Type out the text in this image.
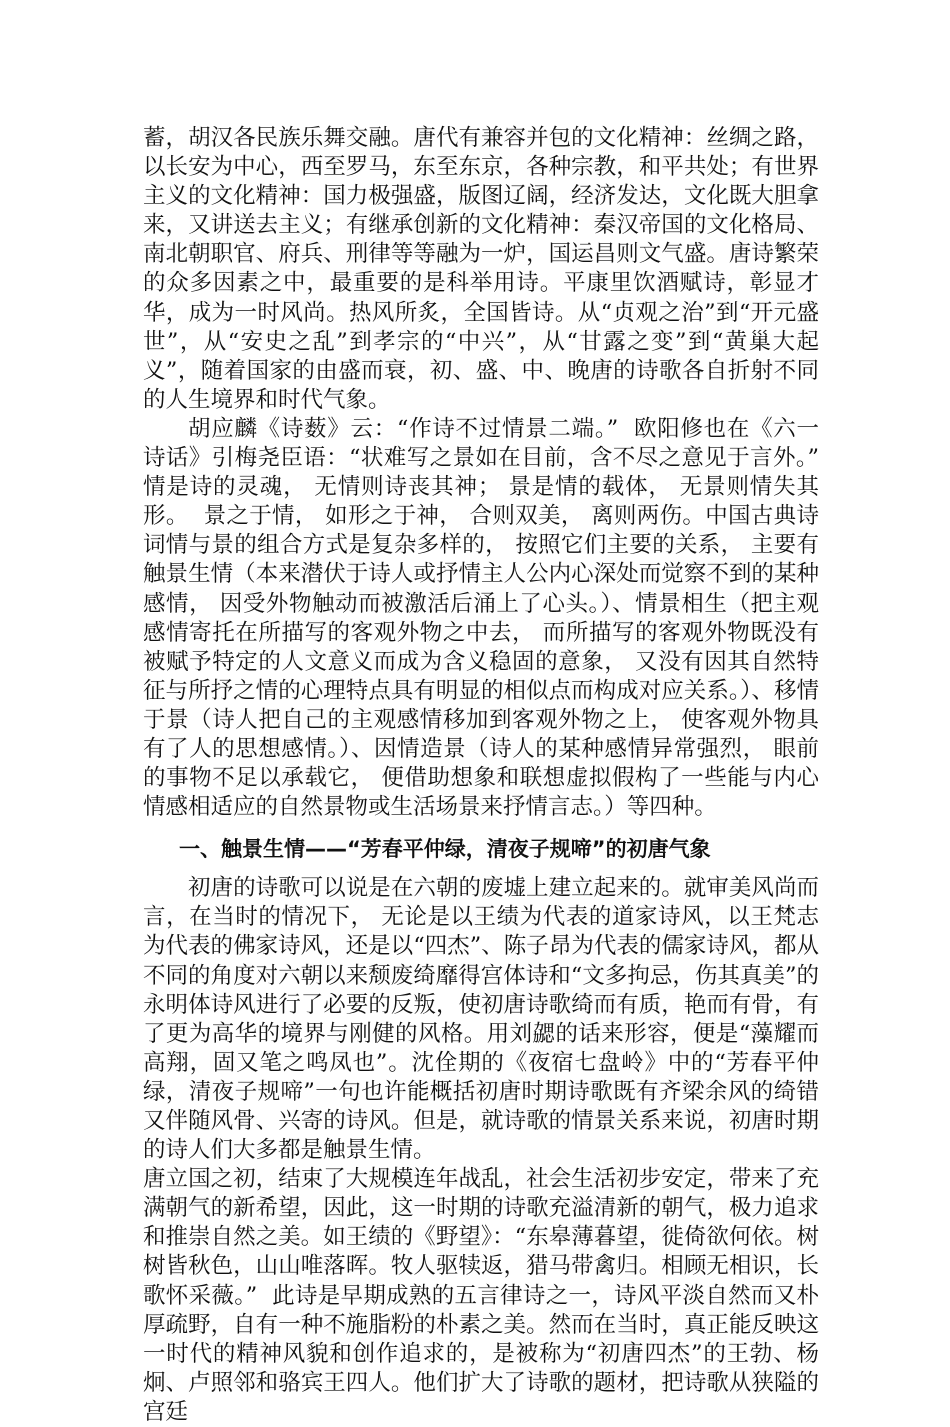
蓄，胡汉各民族乐舞交融。唐代有兼容并包的文化精神：丝绸之路，以长安为中心，西至罗马，东至东京，各种宗教，和平共处；有世界主义的文化精神：国力极强盛，版图辽阔，经济发达，文化既大胆拿来，又讲送去主义；有继承创新的文化精神：秦汉帝国的文化格局、南北朝职官、府兵、刑律等等融为一炉，国运昌则文气盛。唐诗繁荣的众多因素之中，最重要的是科举用诗。平康里饮酒赋诗，彰显才华，成为一时风尚。热风所炙，全国皆诗。从“贞观之治”到“开元盛世”，从“安史之乱”到孝宗的“中兴”，从“甘露之变”到“黄巢大起义”，随着国家的由盛而衰，初、盛、中、晚唐的诗歌各自折射不同的人生境界和时代气象。

胡应麟《诗薮》云：“作诗不过情景二端。”  欧阳修也在《六一诗话》引梅尧臣语：“状难写之景如在目前，含不尽之意见于言外。”  情是诗的灵魂， 无情则诗丧其神； 景是情的载体， 无景则情失其形。  景之于情， 如形之于神， 合则双美， 离则两伤。中国古典诗词情与景的组合方式是复杂多样的， 按照它们主要的关系， 主要有触景生情（本来潜伏于诗人或抒情主人公内心深处而觉察不到的某种感情， 因受外物触动而被激活后涌上了心头。）、情景相生（把主观感情寄托在所描写的客观外物之中去， 而所描写的客观外物既没有被赋予特定的人文意义而成为含义稳固的意象， 又没有因其自然特征与所抒之情的心理特点具有明显的相似点而构成对应关系。）、移情于景（诗人把自己的主观感情移加到客观外物之上， 使客观外物具有了人的思想感情。）、因情造景（诗人的某种感情异常强烈， 眼前的事物不足以承载它， 便借助想象和联想虚拟假构了一些能与内心情感相适应的自然景物或生活场景来抒情言志。）等四种。

一、触景生情——“芳春平仲绿，清夜子规啼”的初唐气象

初唐的诗歌可以说是在六朝的废墟上建立起来的。就审美风尚而言，在当时的情况下， 无论是以王绩为代表的道家诗风，以王梵志为代表的佛家诗风，还是以“四杰”、陈子昂为代表的儒家诗风，都从不同的角度对六朝以来颓废绮靡得宫体诗和“文多拘忌，伤其真美”的永明体诗风进行了必要的反叛，使初唐诗歌绮而有质，艳而有骨，有了更为高华的境界与刚健的风格。用刘勰的话来形容，便是“藻耀而高翔，固又笔之鸣凤也”。沈佺期的《夜宿七盘岭》中的“芳春平仲绿，清夜子规啼”一句也许能概括初唐时期诗歌既有齐梁余风的绮错又伴随风骨、兴寄的诗风。但是，就诗歌的情景关系来说，初唐时期的诗人们大多都是触景生情。

唐立国之初，结束了大规模连年战乱，社会生活初步安定，带来了充满朝气的新希望，因此，这一时期的诗歌充溢清新的朝气，极力追求和推崇自然之美。如王绩的《野望》：“东皋薄暮望，徙倚欲何依。树树皆秋色，山山唯落晖。牧人驱犊返，猎马带禽归。相顾无相识，长歌怀采薇。”  此诗是早期成熟的五言律诗之一，诗风平淡自然而又朴厚疏野，自有一种不施脂粉的朴素之美。然而在当时，真正能反映这一时代的精神风貌和创作追求的，是被称为“初唐四杰”的王勃、杨炯、卢照邻和骆宾王四人。他们扩大了诗歌的题材，把诗歌从狭隘的宫廷
